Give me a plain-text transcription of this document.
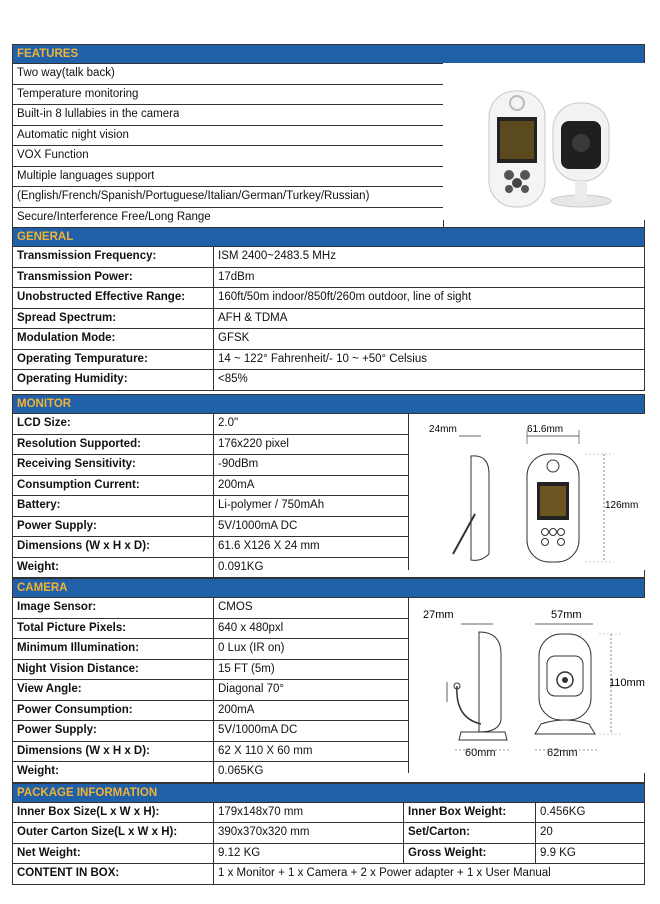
FEATURES
Two way(talk back)
Temperature monitoring
Built-in 8 lullabies in the camera
Automatic night vision
VOX Function
Multiple languages support
(English/French/Spanish/Portuguese/Italian/German/Turkey/Russian)
Secure/Interference Free/Long Range
GENERAL
Transmission Frequency:	ISM 2400~2483.5 MHz
Transmission Power:	17dBm
Unobstructed Effective Range:	160ft/50m indoor/850ft/260m outdoor, line of sight
Spread Spectrum:	AFH & TDMA
Modulation Mode:	GFSK
Operating Tempurature:	14 ~ 122° Fahrenheit/- 10 ~ +50° Celsius
Operating Humidity:	<85%
MONITOR
LCD Size:	2.0"
Resolution Supported:	176x220 pixel
Receiving Sensitivity:	-90dBm
Consumption Current:	200mA
Battery:	Li-polymer / 750mAh
Power Supply:	5V/1000mA DC
Dimensions (W x H x D):	61.6 X126 X 24 mm
Weight:	0.091KG
24mm	61.6mm
126mm
CAMERA
Image Sensor:	CMOS
Total Picture Pixels:	640 x 480pxl
Minimum Illumination:	0 Lux (IR on)
Night Vision Distance:	15 FT (5m)
View Angle:	Diagonal 70°
Power Consumption:	200mA
Power Supply:	5V/1000mA DC
Dimensions (W x H x D):	62 X 110 X 60 mm
Weight:	0.065KG
27mm	57mm
110mm
60mm	62mm
PACKAGE INFORMATION
Inner Box Size(L x W x H):	179x148x70 mm	Inner Box Weight:	0.456KG
Outer Carton Size(L x W x H):	390x370x320 mm	Set/Carton:	20
Net Weight:	9.12 KG	Gross Weight:	9.9 KG
CONTENT IN BOX:	1 x Monitor + 1 x Camera + 2 x Power adapter + 1 x User Manual
